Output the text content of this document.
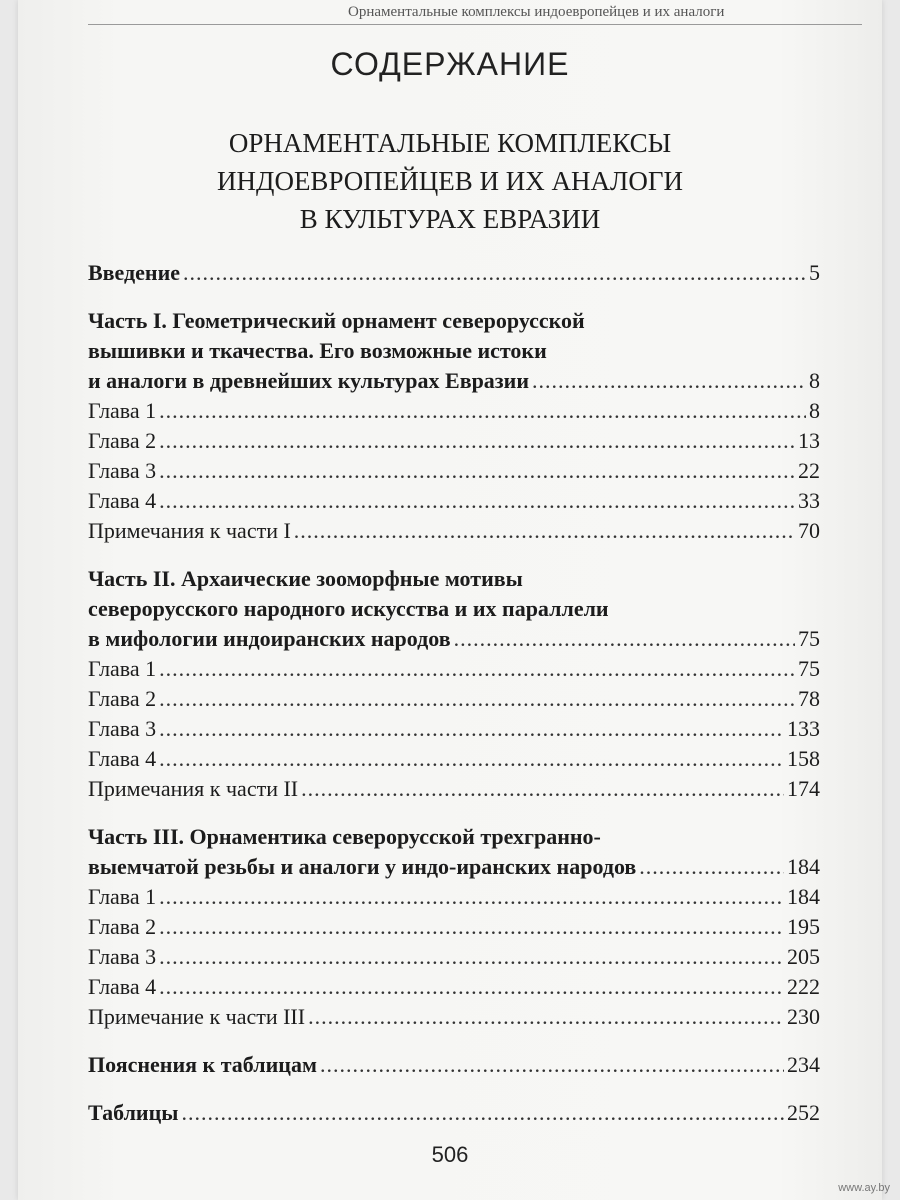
Орнаментальные комплексы индоевропейцев и их аналоги
СОДЕРЖАНИЕ
ОРНАМЕНТАЛЬНЫЕ КОМПЛЕКСЫ
ИНДОЕВРОПЕЙЦЕВ И ИХ АНАЛОГИ
В КУЛЬТУРАХ ЕВРАЗИИ
Введение .....	5
Часть I. Геометрический орнамент северорусской
вышивки и ткачества. Его возможные истоки
и аналоги в древнейших культурах Евразии .....	8
Глава 1 .....	8
Глава 2 .....	13
Глава 3 .....	22
Глава 4 .....	33
Примечания к части I .....	70
Часть II. Архаические зооморфные мотивы
северорусского народного искусства и их параллели
в мифологии индоиранских народов .....	75
Глава 1 .....	75
Глава 2 .....	78
Глава 3 .....	133
Глава 4 .....	158
Примечания к части II .....	174
Часть III. Орнаментика северорусской трехгранно-
выемчатой резьбы и аналоги у индо-иранских народов .....	184
Глава 1 .....	184
Глава 2 .....	195
Глава 3 .....	205
Глава 4 .....	222
Примечание к части III .....	230
Пояснения к таблицам .....	234
Таблицы .....	252
506
www.ay.by
